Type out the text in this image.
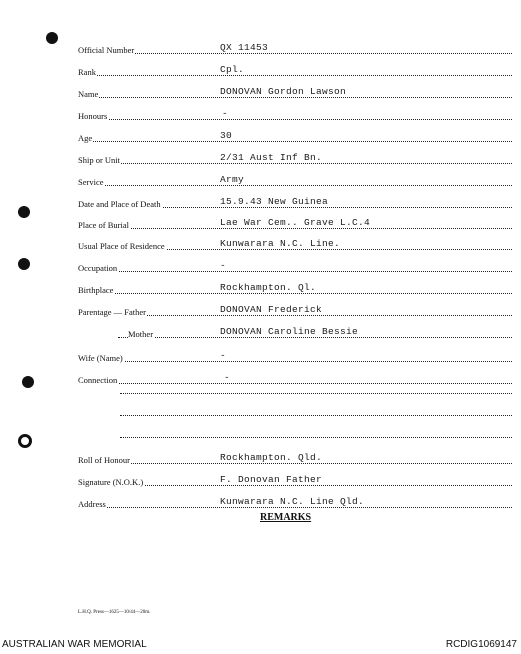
Official Number	QX 11453
Rank	Cpl.
Name	DONOVAN Gordon Lawson
Honours	-
Age	30
Ship or Unit	2/31 Aust Inf Bn.
Service	Army
Date and Place of Death	15.9.43 New Guinea
Place of Burial	Lae War Cem.. Grave L.C.4
Usual Place of Residence	Kunwarara N.C. Line.
Occupation	-
Birthplace	Rockhampton. Ql.
Parentage — Father	DONOVAN Frederick
Mother	DONOVAN Caroline Bessie
Wife (Name)	-
Connection	-
Roll of Honour	Rockhampton. Qld.
Signature (N.O.K.)	F. Donovan Father
Address	Kunwarara N.C. Line Qld.
REMARKS
L.H.Q. Press—1625—10/44—20m.
AUSTRALIAN WAR MEMORIAL	RCDIG1069147
